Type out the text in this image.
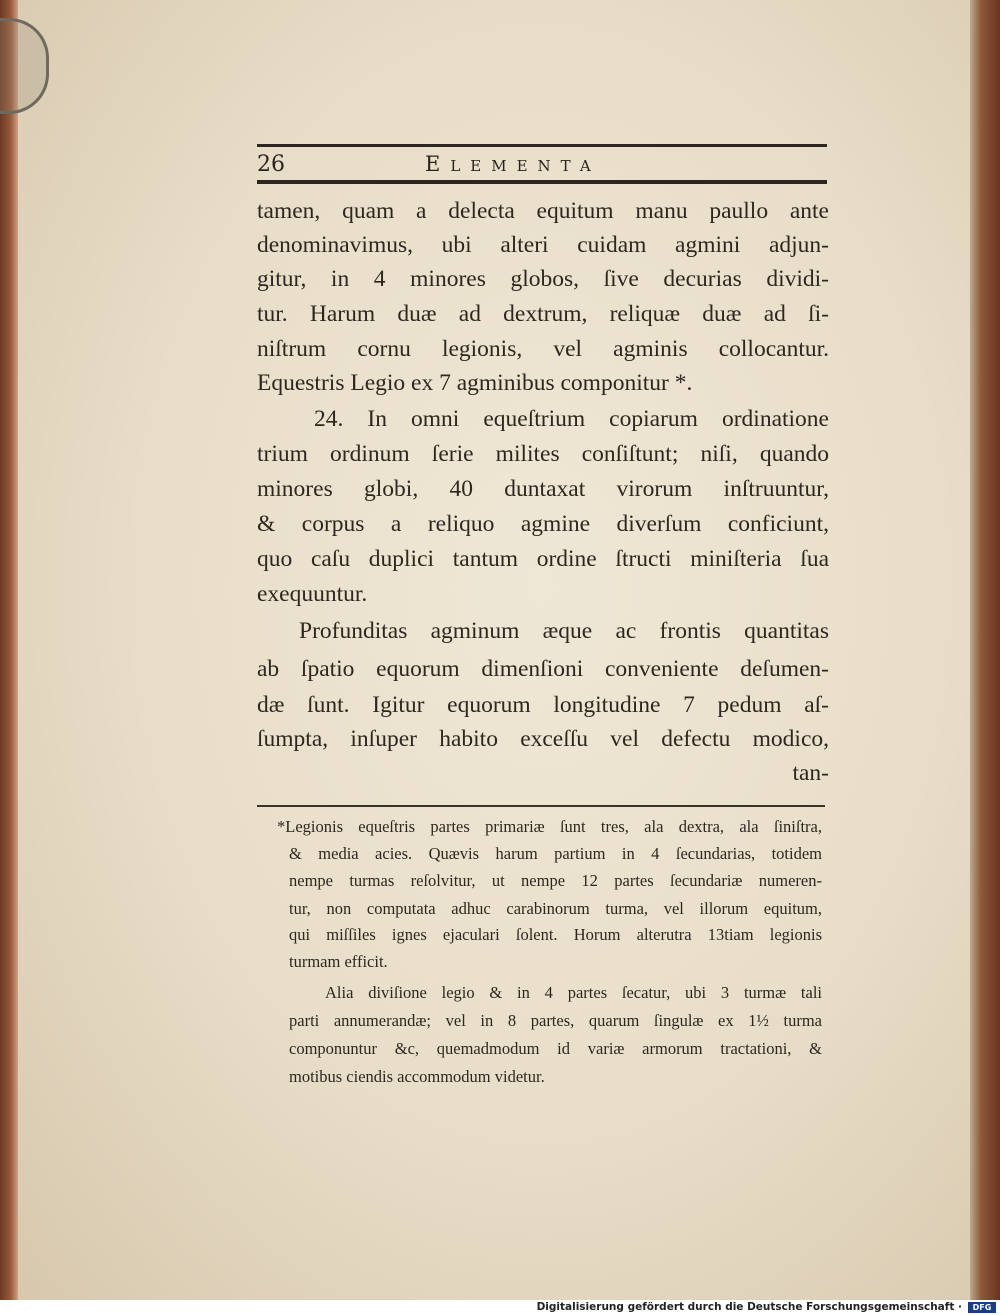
26	Elementa
tamen, quam a delecta equitum manu paullo ante
denominavimus, ubi alteri cuidam agmini adjun-
gitur, in 4 minores globos, ſive decurias dividi-
tur. Harum duæ ad dextrum, reliquæ duæ ad ſi-
niſtrum cornu legionis, vel agminis collocantur.
Equestris Legio ex 7 agminibus componitur *.
24. In omni equeſtrium copiarum ordinatione
trium ordinum ſerie milites conſiſtunt; niſi, quando
minores globi, 40 duntaxat virorum inſtruuntur,
& corpus a reliquo agmine diverſum conficiunt,
quo caſu duplici tantum ordine ſtructi miniſteria ſua
exequuntur.
Profunditas agminum æque ac frontis quantitas
ab ſpatio equorum dimenſioni conveniente deſumen-
dæ ſunt. Igitur equorum longitudine 7 pedum aſ-
ſumpta, inſuper habito exceſſu vel defectu modico,
tan-
*Legionis equeſtris partes primariæ ſunt tres, ala dextra, ala ſiniſtra,
& media acies. Quævis harum partium in 4 ſecundarias, totidem
nempe turmas reſolvitur, ut nempe 12 partes ſecundariæ numeren-
tur, non computata adhuc carabinorum turma, vel illorum equitum,
qui miſſiles ignes ejaculari ſolent. Horum alterutra 13tiam legionis
turmam efficit.
Alia diviſione legio & in 4 partes ſecatur, ubi 3 turmæ tali
parti annumerandæ; vel in 8 partes, quarum ſingulæ ex 1½ turma
componuntur &c, quemadmodum id variæ armorum tractationi, &
motibus ciendis accommodum videtur.
Digitalisierung gefördert durch die Deutsche Forschungsgemeinschaft ·	DFG
